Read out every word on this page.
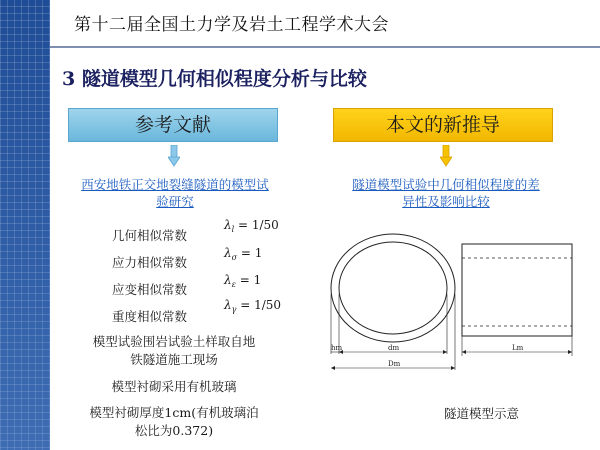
第十二届全国土力学及岩土工程学术大会
3 隧道模型几何相似程度分析与比较
参考文献	本文的新推导
西安地铁正交地裂缝隧道的模型试
验研究
隧道模型试验中几何相似程度的差
异性及影响比较
几何相似常数
$\lambda_l = 1/50$
应力相似常数
$\lambda_\sigma = 1$
应变相似常数
$\lambda_\varepsilon = 1$
重度相似常数
$\lambda_\gamma = 1/50$
模型试验围岩试验土样取自地
铁隧道施工现场
模型衬砌采用有机玻璃
模型衬砌厚度1cm(有机玻璃泊
松比为0.372)
hm	dm
Dm
Lm
隧道模型示意
